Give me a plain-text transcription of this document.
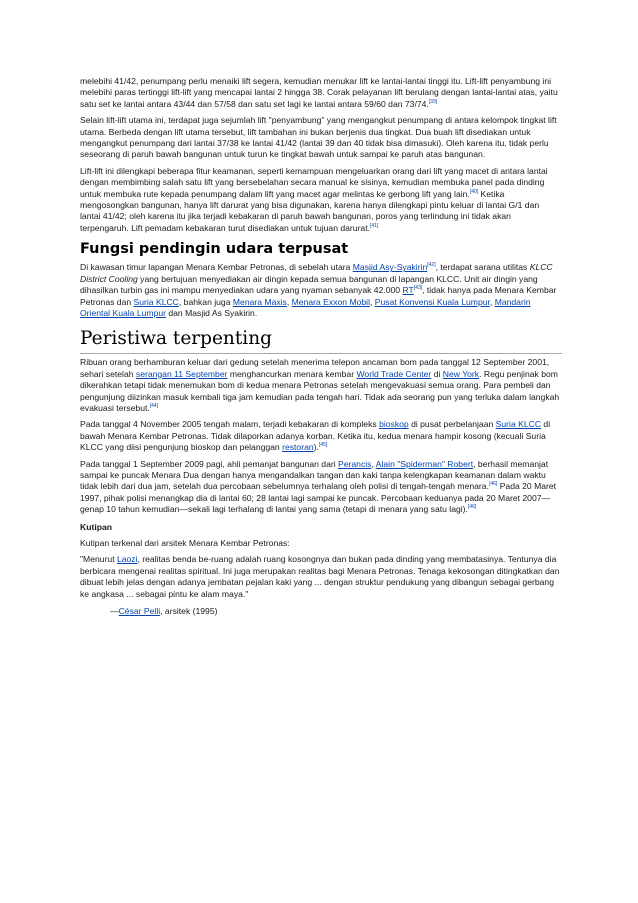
melebihi 41/42, penumpang perlu menaiki lift segera, kemudian menukar lift ke lantai-lantai tinggi itu. Lift-lift penyambung ini melebihi paras tertinggi lift-lift yang mencapai lantai 2 hingga 38. Corak pelayanan lift berulang dengan lantai-lantai atas, yaitu satu set ke lantai antara 43/44 dan 57/58 dan satu set lagi ke lantai antara 59/60 dan 73/74.[39]

Selain lift-lift utama ini, terdapat juga sejumlah lift "penyambung" yang mengangkut penumpang di antara kelompok tingkat lift utama. Berbeda dengan lift utama tersebut, lift tambahan ini bukan berjenis dua tingkat. Dua buah lift disediakan untuk mengangkut penumpang dari lantai 37/38 ke lantai 41/42 (lantai 39 dan 40 tidak bisa dimasuki). Oleh karena itu, tidak perlu seseorang di paruh bawah bangunan untuk turun ke tingkat bawah untuk sampai ke paruh atas bangunan.

Lift-lift ini dilengkapi beberapa fitur keamanan, seperti kemampuan mengeluarkan orang dari lift yang macet di antara lantai dengan membimbing salah satu lift yang bersebelahan secara manual ke sisinya, kemudian membuka panel pada dinding untuk membuka rute kepada penumpang dalam lift yang macet agar melintas ke gerbong lift yang lain.[40] Ketika mengosongkan bangunan, hanya lift darurat yang bisa digunakan, karena hanya dilengkapi pintu keluar di lantai G/1 dan lantai 41/42; oleh karena itu jika terjadi kebakaran di paruh bawah bangunan, poros yang terlindung ini tidak akan terpengaruh. Lift pemadam kebakaran turut disediakan untuk tujuan darurat.[41]

Fungsi pendingin udara terpusat

Di kawasan timur lapangan Menara Kembar Petronas, di sebelah utara Masjid Asy-Syakirin[42], terdapat sarana utilitas KLCC District Cooling yang bertujuan menyediakan air dingin kepada semua bangunan di lapangan KLCC. Unit air dingin yang dihasilkan turbin gas ini mampu menyediakan udara yang nyaman sebanyak 42.000 RT[43], tidak hanya pada Menara Kembar Petronas dan Suria KLCC, bahkan juga Menara Maxis, Menara Exxon Mobil, Pusat Konvensi Kuala Lumpur, Mandarin Oriental Kuala Lumpur dan Masjid As Syakirin.

Peristiwa terpenting

Ribuan orang berhamburan keluar dari gedung setelah menerima telepon ancaman bom pada tanggal 12 September 2001, sehari setelah serangan 11 September menghancurkan menara kembar World Trade Center di New York. Regu penjinak bom dikerahkan tetapi tidak menemukan bom di kedua menara Petronas setelah mengevakuasi semua orang. Para pembeli dan pengunjung diizinkan masuk kembali tiga jam kemudian pada tengah hari. Tidak ada seorang pun yang terluka dalam langkah evakuasi tersebut.[44]

Pada tanggal 4 November 2005 tengah malam, terjadi kebakaran di kompleks bioskop di pusat perbelanjaan Suria KLCC di bawah Menara Kembar Petronas. Tidak dilaporkan adanya korban. Ketika itu, kedua menara hampir kosong (kecuali Suria KLCC yang diisi pengunjung bioskop dan pelanggan restoran).[45]

Pada tanggal 1 September 2009 pagi, ahli pemanjat bangunan dari Perancis, Alain "Spiderman" Robert, berhasil memanjat sampai ke puncak Menara Dua dengan hanya mengandalkan tangan dan kaki tanpa kelengkapan keamanan dalam waktu tidak lebih dari dua jam, setelah dua percobaan sebelumnya terhalang oleh polisi di tengah-tengah menara.[46] Pada 20 Maret 1997, pihak polisi menangkap dia di lantai 60; 28 lantai lagi sampai ke puncak. Percobaan keduanya pada 20 Maret 2007—genap 10 tahun kemudian—sekali lagi terhalang di lantai yang sama (tetapi di menara yang satu lagi).[46]

Kutipan

Kutipan terkenal dari arsitek Menara Kembar Petronas:

"Menurut Laozi, realitas benda be-ruang adalah ruang kosongnya dan bukan pada dinding yang membatasinya. Tentunya dia berbicara mengenai realitas spiritual. Ini juga merupakan realitas bagi Menara Petronas. Tenaga kekosongan ditingkatkan dan dibuat lebih jelas dengan adanya jembatan pejalan kaki yang ... dengan struktur pendukung yang dibangun sebagai gerbang ke angkasa ... sebagai pintu ke alam maya."

—César Pelli, arsitek (1995)
